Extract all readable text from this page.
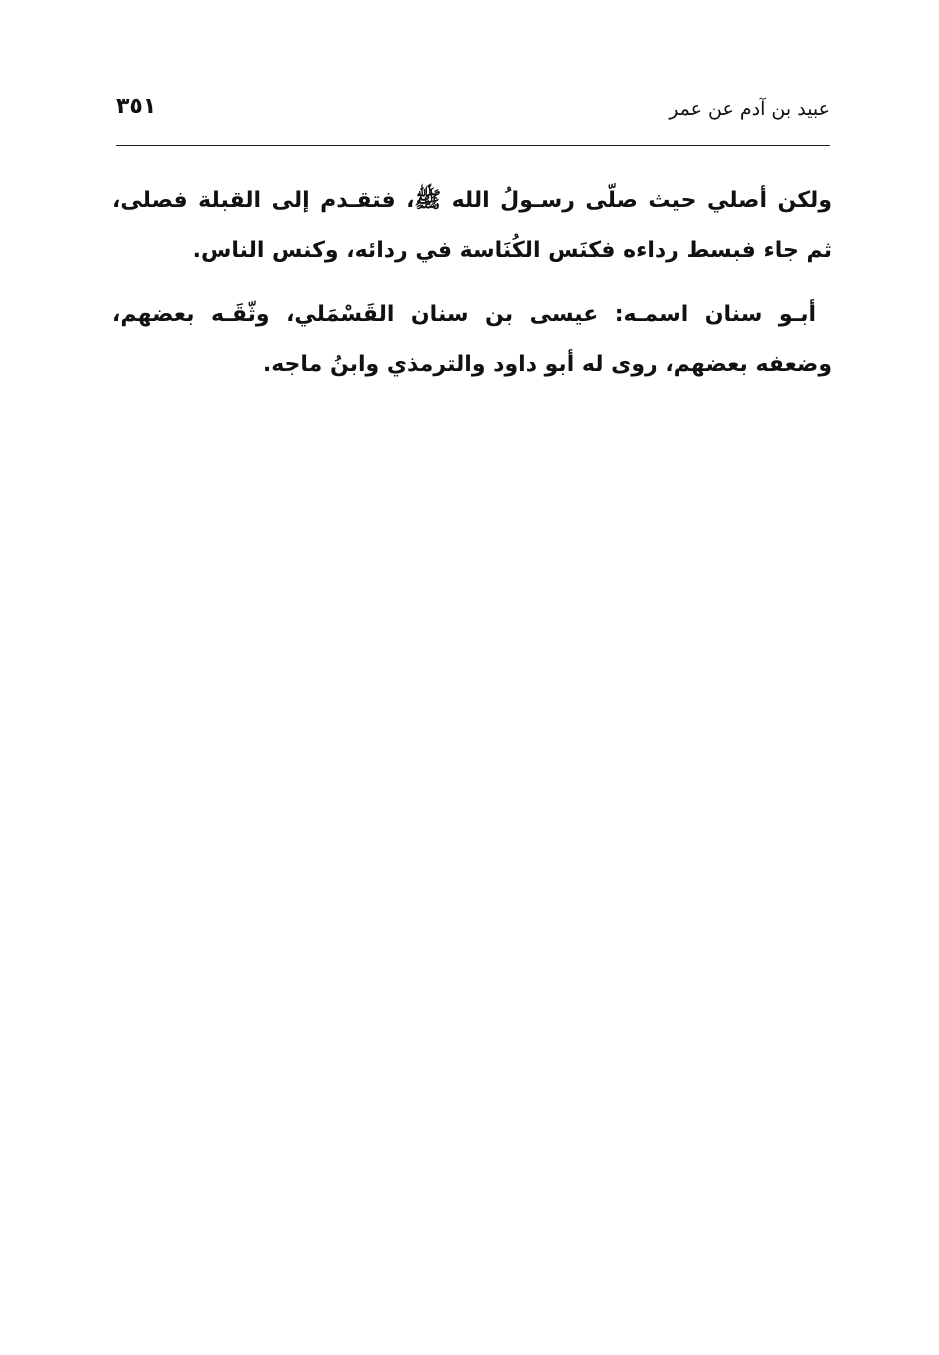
عبيد بن آدم عن عمر
٣٥١

ولكن أصلي حيث صلّى رسـولُ الله ﷺ، فتقـدم إلى القبلة فصلى، ثم جاء فبسط رداءه فكنَس الكُنَاسة في ردائه، وكنس الناس.

أبـو سنان اسمـه: عيسى بن سنان القَسْمَلي، وثّقَـه بعضهم، وضعفه بعضهم، روى له أبو داود والترمذي وابنُ ماجه.
